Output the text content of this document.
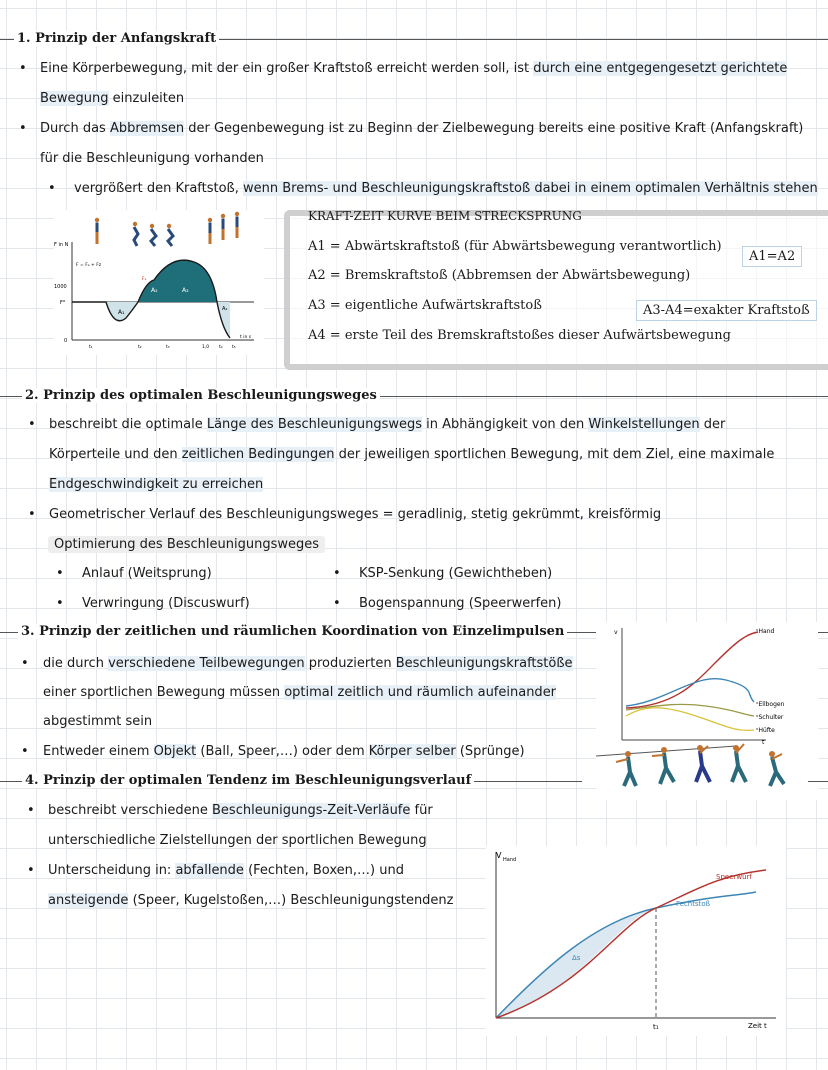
1. Prinzip der Anfangskraft
• Eine Körperbewegung, mit der ein großer Kraftstoß erreicht werden soll, ist durch eine entgegengesetzt gerichtete
Bewegung einzuleiten
• Durch das Abbremsen der Gegenbewegung ist zu Beginn der Zielbewegung bereits eine positive Kraft (Anfangskraft)
für die Beschleunigung vorhanden
• vergrößert den Kraftstoß, wenn Brems- und Beschleunigungskraftstoß dabei in einem optimalen Verhältnis stehen
F in N
F = Fₐ + Fᴢ
1000
Fᴳ
Fₐ
0
A₁
A₂	A₃
A₄
t in s
t₁	t₂	t₃	1,0 t₄ t₅
KRAFT-ZEIT KURVE BEIM STRECKSPRUNG
A1 = Abwärtskraftstoß (für Abwärtsbewegung verantwortlich)
A2 = Bremskraftstoß (Abbremsen der Abwärtsbewegung)
A3 = eigentliche Aufwärtskraftstoß
A4 = erste Teil des Bremskraftstoßes dieser Aufwärtsbewegung
A1=A2
A3-A4=exakter Kraftstoß
2. Prinzip des optimalen Beschleunigungsweges
• beschreibt die optimale Länge des Beschleunigungswegs in Abhängigkeit von den Winkelstellungen der
Körperteile und den zeitlichen Bedingungen der jeweiligen sportlichen Bewegung, mit dem Ziel, eine maximale
Endgeschwindigkeit zu erreichen
• Geometrischer Verlauf des Beschleunigungsweges = geradlinig, stetig gekrümmt, kreisförmig
Optimierung des Beschleunigungsweges
• Anlauf (Weitsprung)	• KSP-Senkung (Gewichtheben)
• Verwringung (Discuswurf)	• Bogenspannung (Speerwerfen)
3. Prinzip der zeitlichen und räumlichen Koordination von Einzelimpulsen
• die durch verschiedene Teilbewegungen produzierten Beschleunigungskraftstöße
einer sportlichen Bewegung müssen optimal zeitlich und räumlich aufeinander
abgestimmt sein
• Entweder einem Objekt (Ball, Speer,…) oder dem Körper selber (Sprünge)
v	ᵛHand
ᵛEllbogen
ᵛSchulter
ᵛHüfte
t
4. Prinzip der optimalen Tendenz im Beschleunigungsverlauf
• beschreibt verschiedene Beschleunigungs-Zeit-Verläufe für
unterschiedliche Zielstellungen der sportlichen Bewegung
• Unterscheidung in: abfallende (Fechten, Boxen,…) und
ansteigende (Speer, Kugelstoßen,…) Beschleunigungstendenz
V Hand
Speerwurf
Fechtstoß
Δs
t₁	Zeit t
